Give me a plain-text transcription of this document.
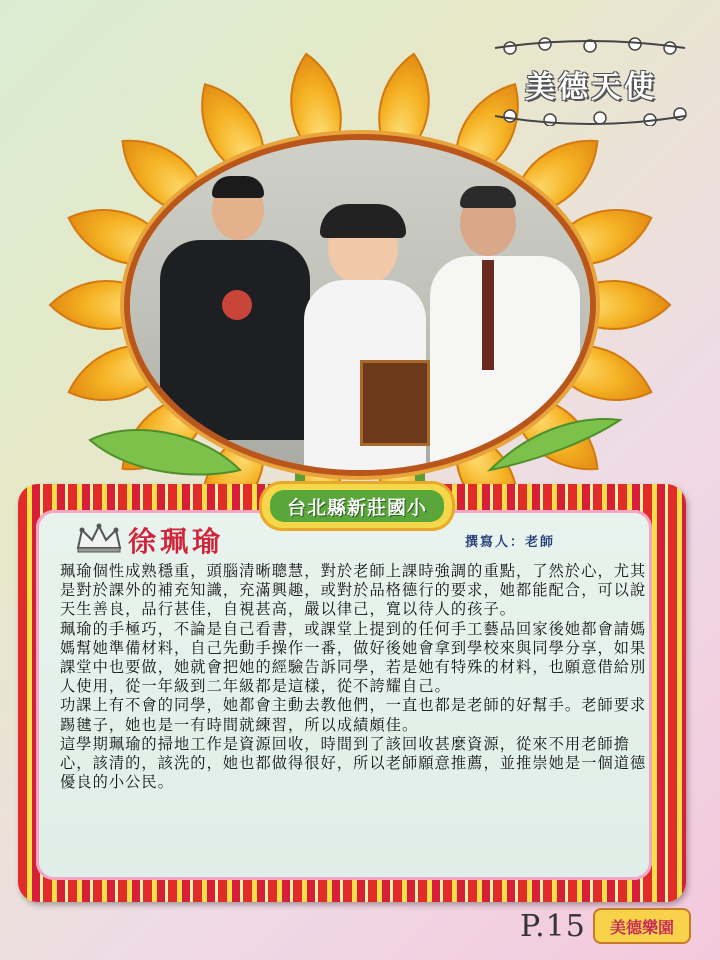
美德天使
台北縣新莊國小
徐珮瑜	撰寫人：老師

珮瑜個性成熟穩重，頭腦清晰聰慧，對於老師上課時強調的重點，了然於心，尤其是對於課外的補充知識，充滿興趣，或對於品格德行的要求，她都能配合，可以說天生善良，品行甚佳，自視甚高，嚴以律己，寬以待人的孩子。

珮瑜的手極巧，不論是自己看書，或課堂上提到的任何手工藝品回家後她都會請媽媽幫她準備材料，自己先動手操作一番，做好後她會拿到學校來與同學分享，如果課堂中也要做，她就會把她的經驗告訴同學，若是她有特殊的材料，也願意借給別人使用，從一年級到二年級都是這樣，從不誇耀自己。

功課上有不會的同學，她都會主動去教他們，一直也都是老師的好幫手。老師要求踢毽子，她也是一有時間就練習，所以成績頗佳。

這學期珮瑜的掃地工作是資源回收，時間到了該回收甚麼資源，從來不用老師擔心，該清的，該洗的，她也都做得很好，所以老師願意推薦，並推崇她是一個道德優良的小公民。

P.15	美德樂園
